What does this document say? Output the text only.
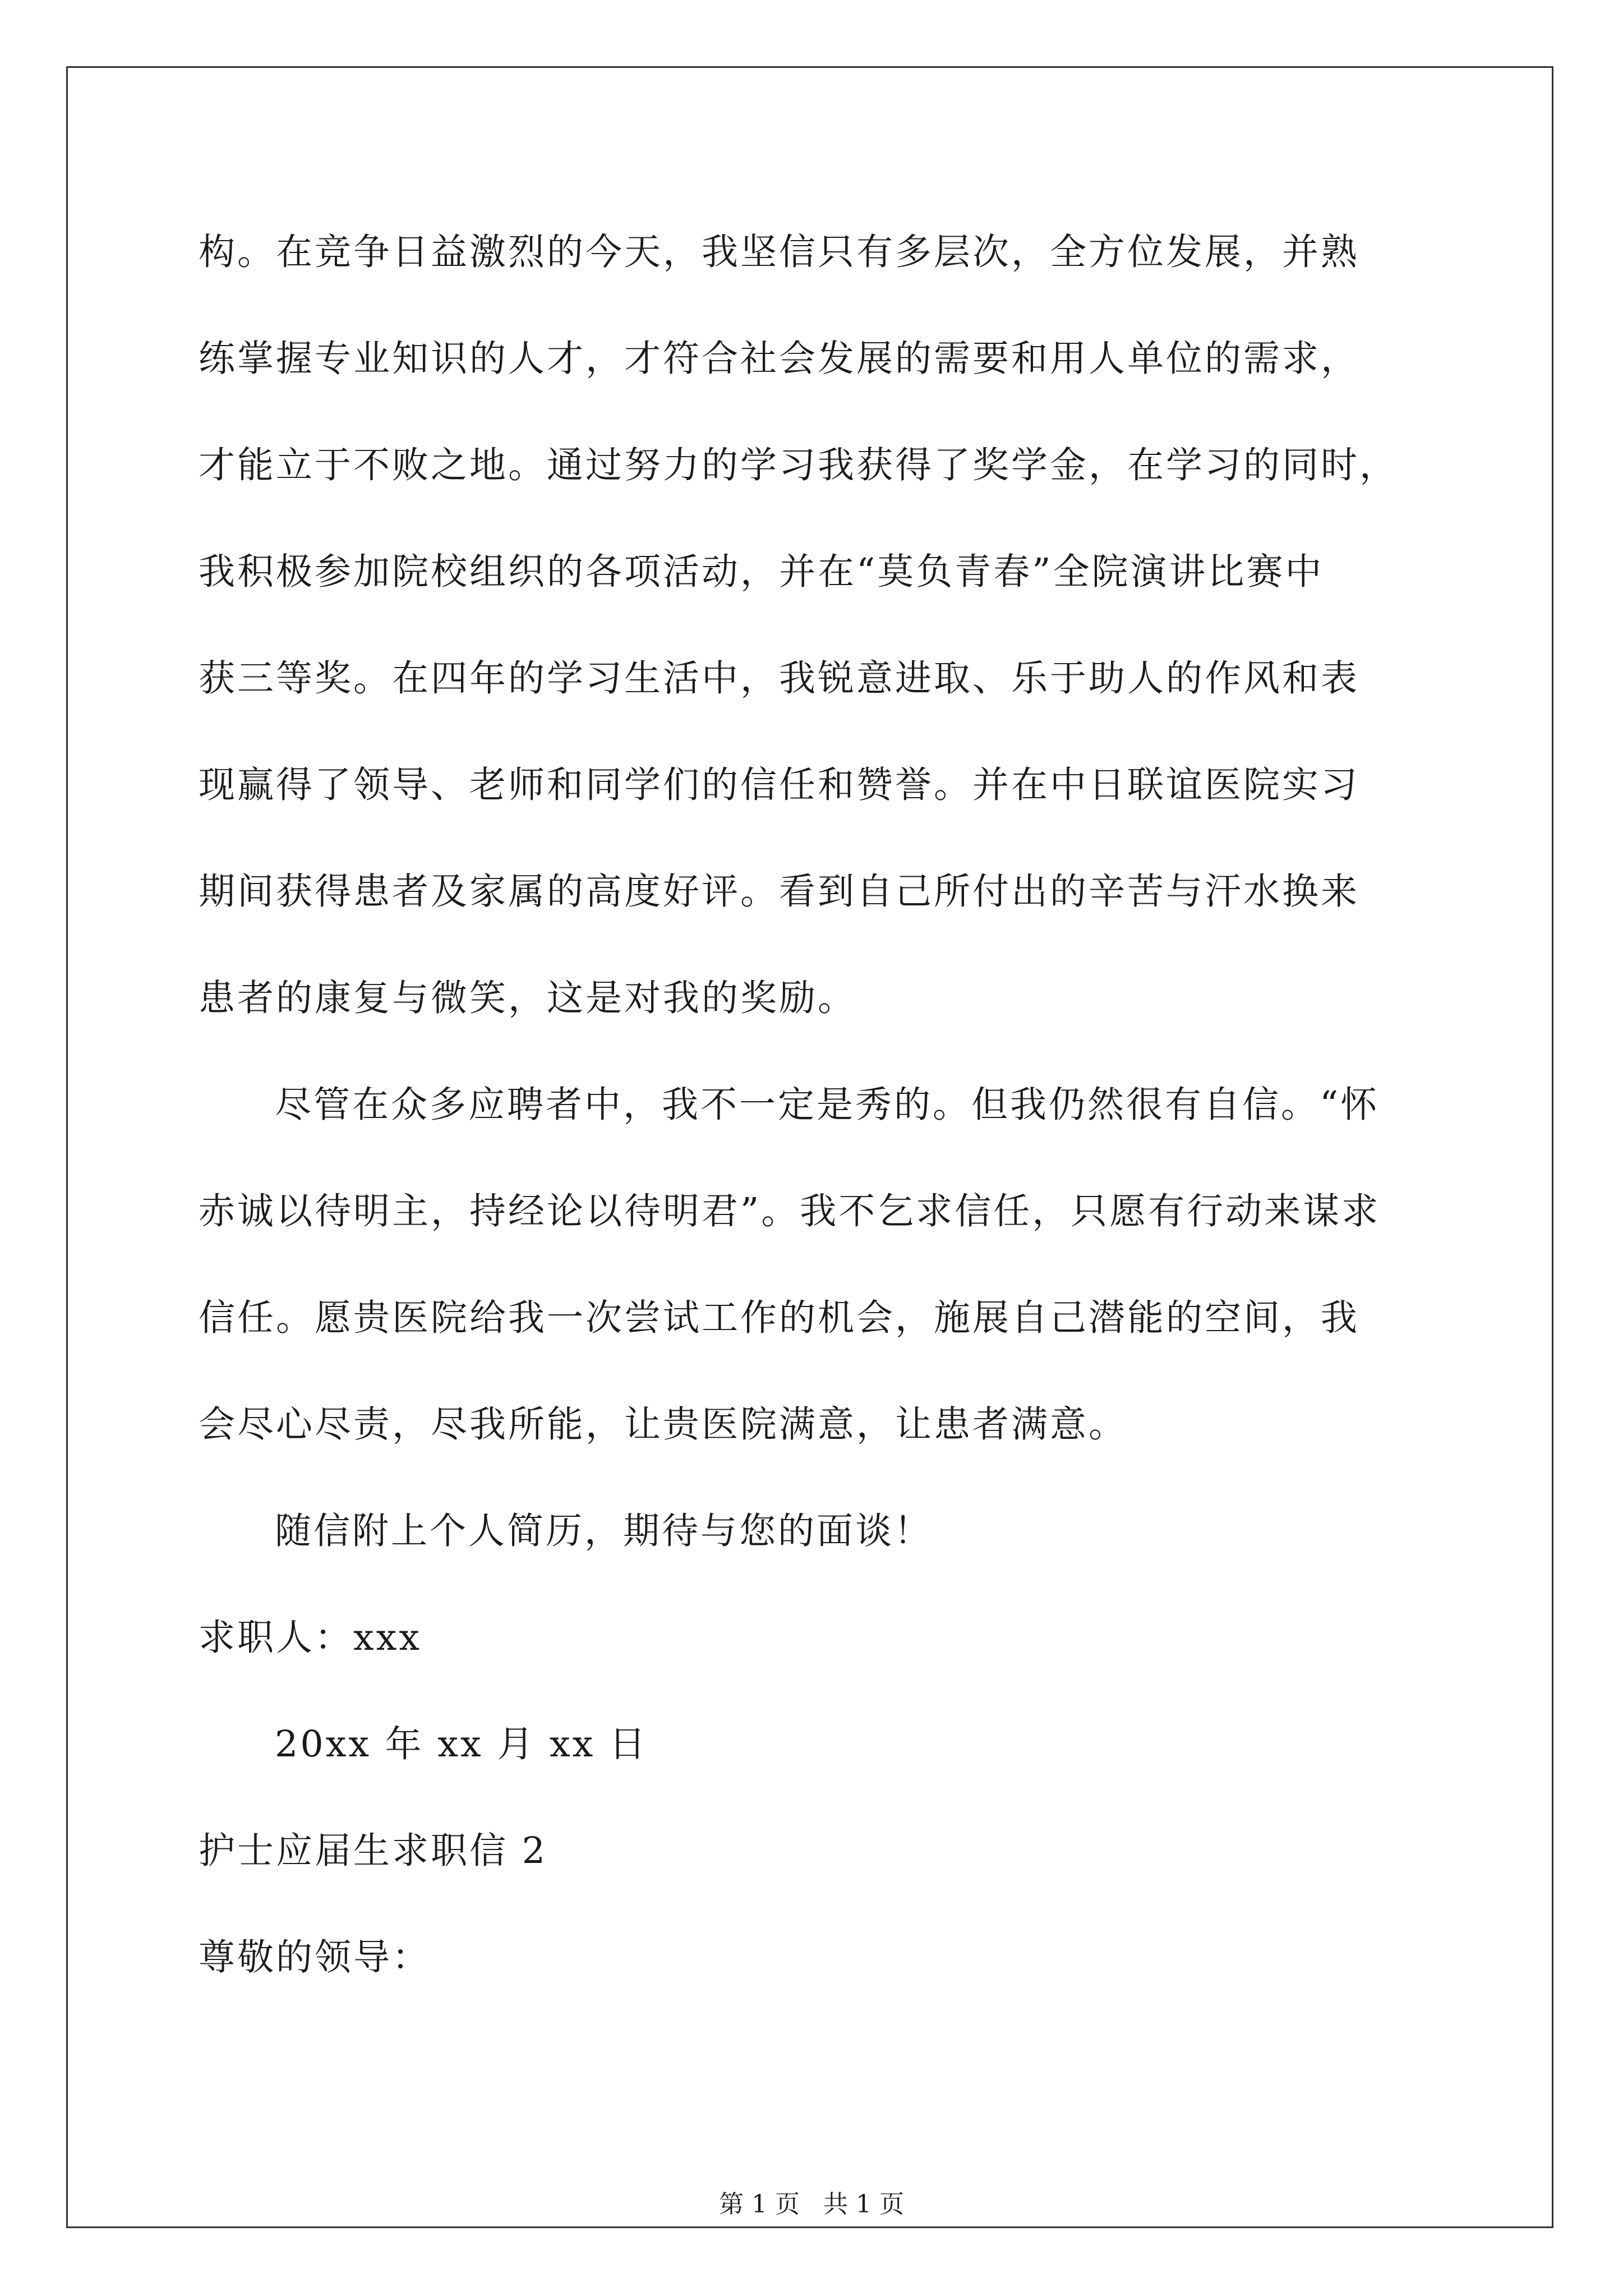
构。在竞争日益激烈的今天，我坚信只有多层次，全方位发展，并熟
练掌握专业知识的人才，才符合社会发展的需要和用人单位的需求，
才能立于不败之地。通过努力的学习我获得了奖学金，在学习的同时，
我积极参加院校组织的各项活动，并在“莫负青春”全院演讲比赛中
获三等奖。在四年的学习生活中，我锐意进取、乐于助人的作风和表
现赢得了领导、老师和同学们的信任和赞誉。并在中日联谊医院实习
期间获得患者及家属的高度好评。看到自己所付出的辛苦与汗水换来
患者的康复与微笑，这是对我的奖励。
尽管在众多应聘者中，我不一定是秀的。但我仍然很有自信。“怀
赤诚以待明主，持经论以待明君”。我不乞求信任，只愿有行动来谋求
信任。愿贵医院给我一次尝试工作的机会，施展自己潜能的空间，我
会尽心尽责，尽我所能，让贵医院满意，让患者满意。
随信附上个人简历，期待与您的面谈！
求职人：xxx
20xx 年 xx 月 xx 日
护士应届生求职信 2
尊敬的领导：
第 1 页   共 1 页
